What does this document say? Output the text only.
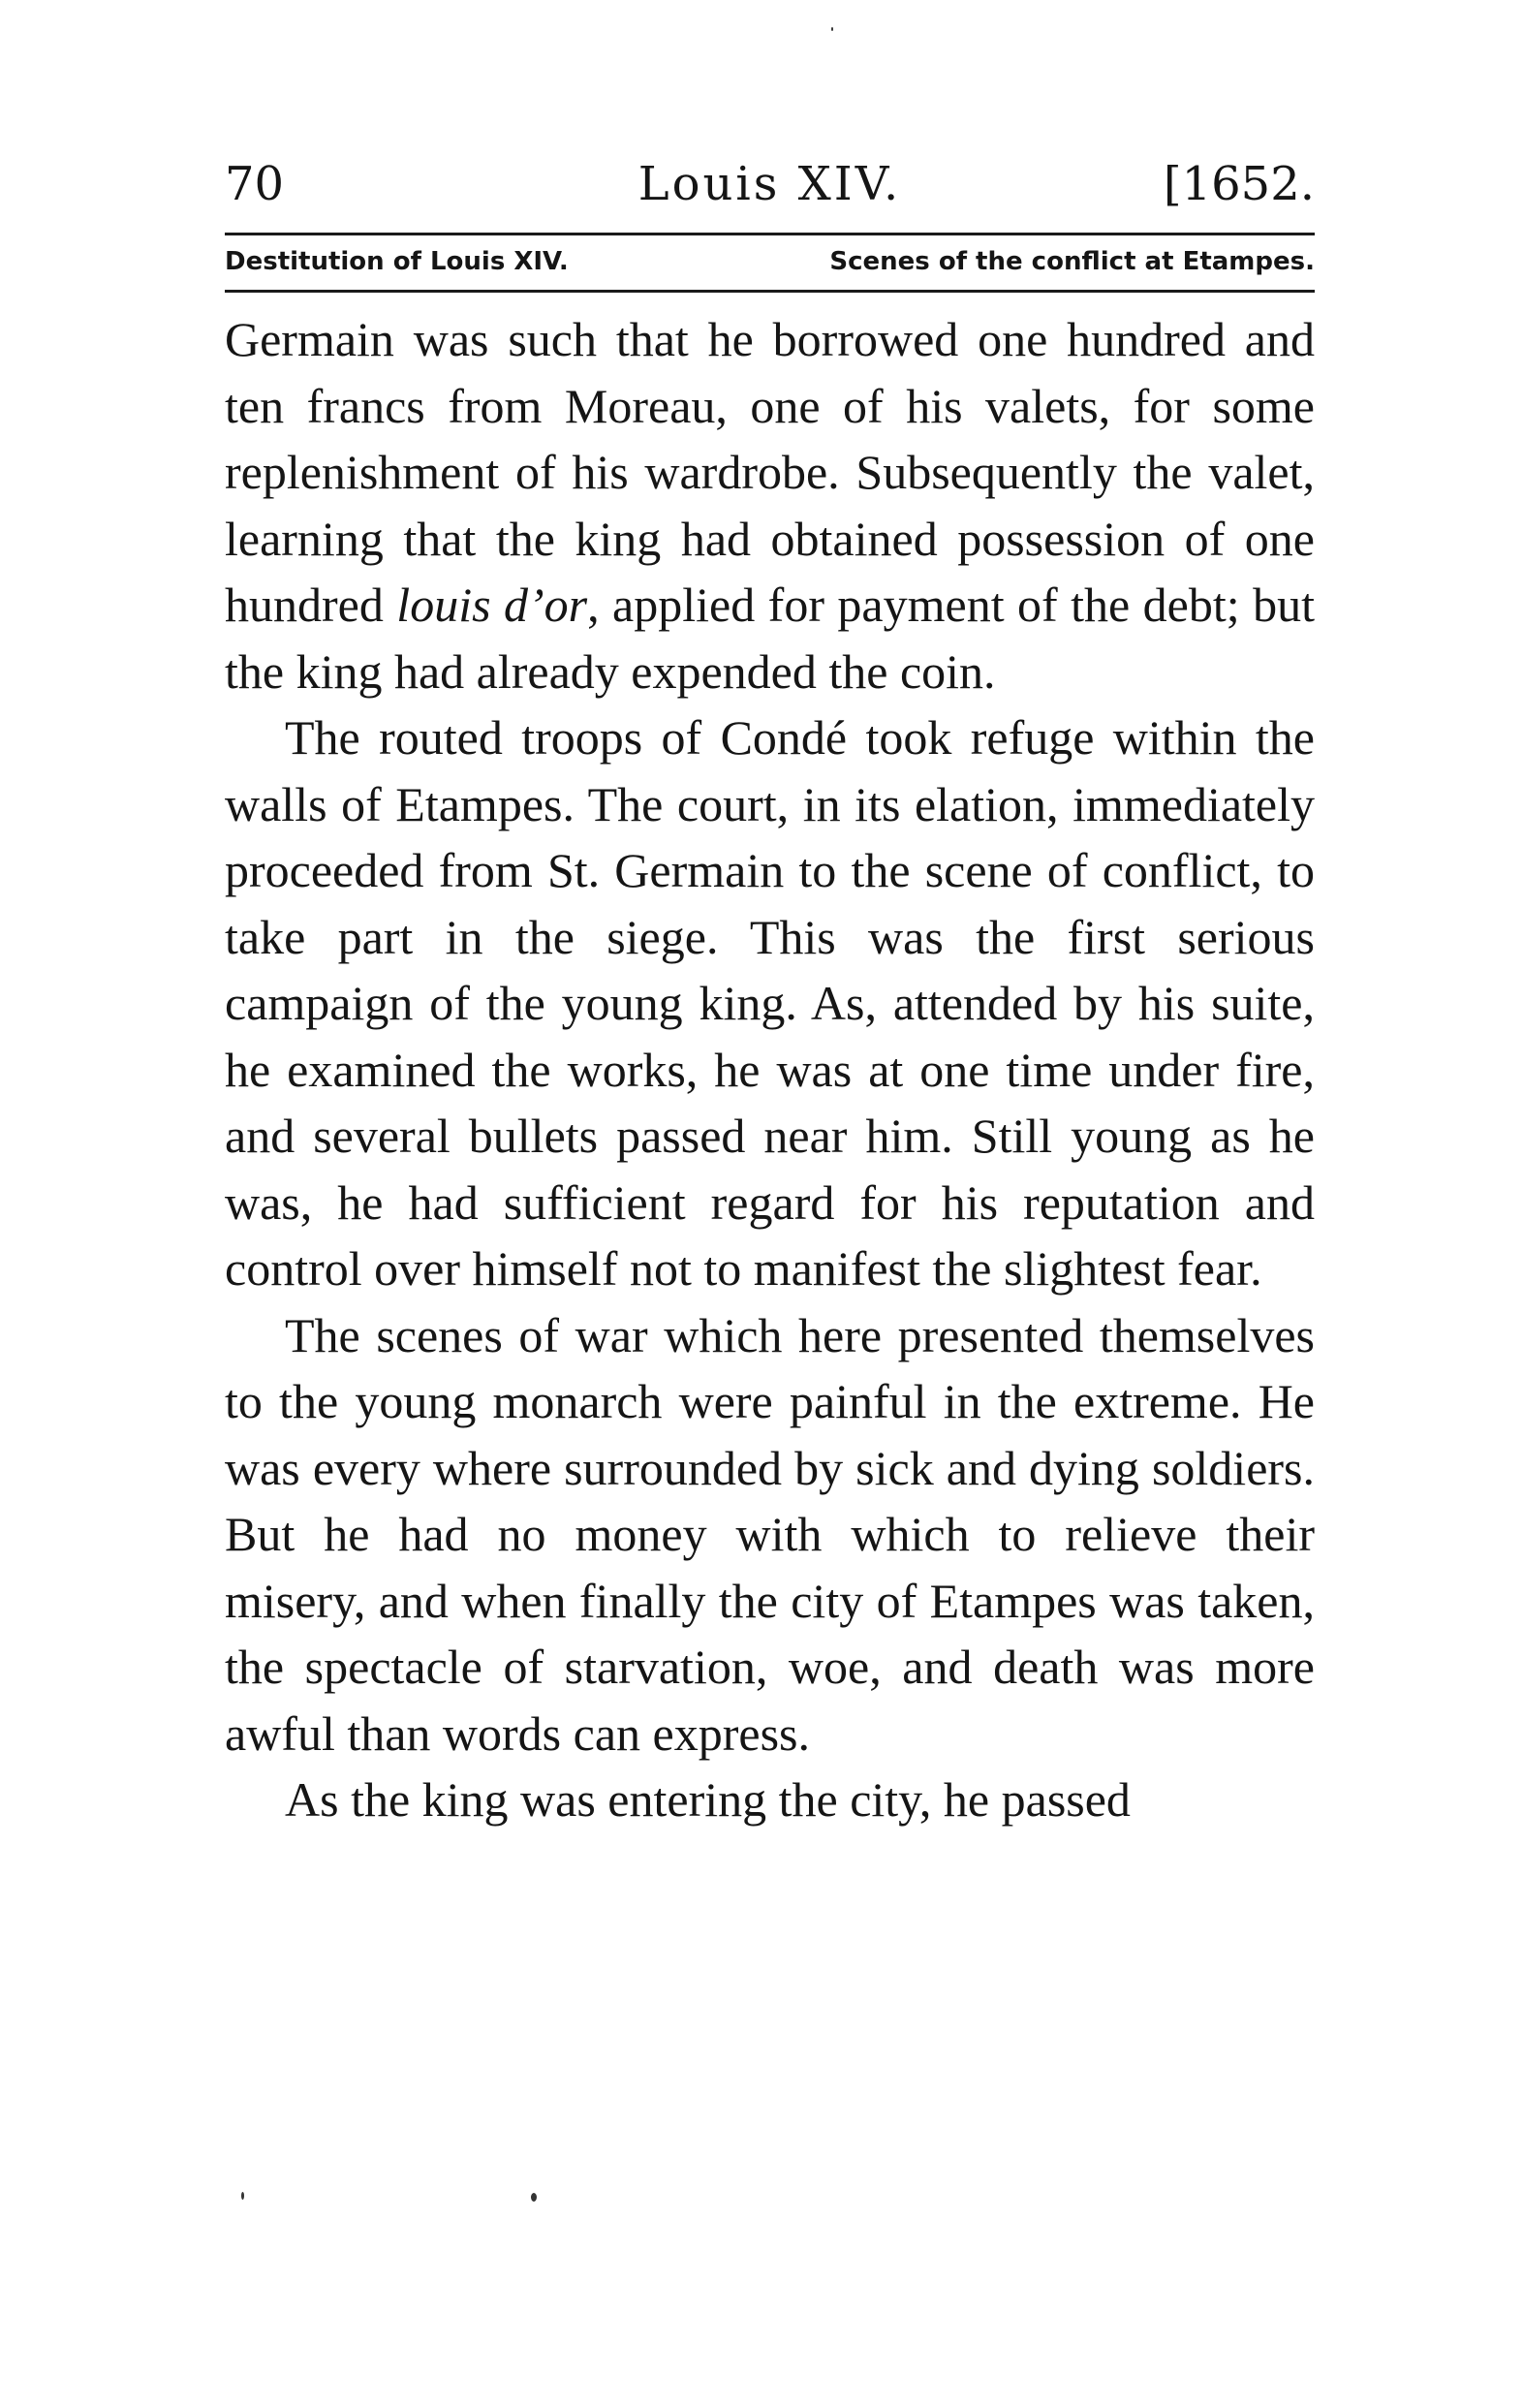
70	Louis XIV.	[1652.
Destitution of Louis XIV.	Scenes of the conflict at Etampes.

Germain was such that he borrowed one hundred and ten francs from Moreau, one of his valets, for some replenishment of his wardrobe. Subsequently the valet, learning that the king had obtained possession of one hundred louis d’or, applied for payment of the debt; but the king had already expended the coin.

The routed troops of Condé took refuge within the walls of Etampes. The court, in its elation, immediately proceeded from St. Germain to the scene of conflict, to take part in the siege. This was the first serious campaign of the young king. As, attended by his suite, he examined the works, he was at one time under fire, and several bullets passed near him. Still young as he was, he had sufficient regard for his reputation and control over himself not to manifest the slightest fear.

The scenes of war which here presented themselves to the young monarch were painful in the extreme. He was every where surrounded by sick and dying soldiers. But he had no money with which to relieve their misery, and when finally the city of Etampes was taken, the spectacle of starvation, woe, and death was more awful than words can express.

As the king was entering the city, he passed
